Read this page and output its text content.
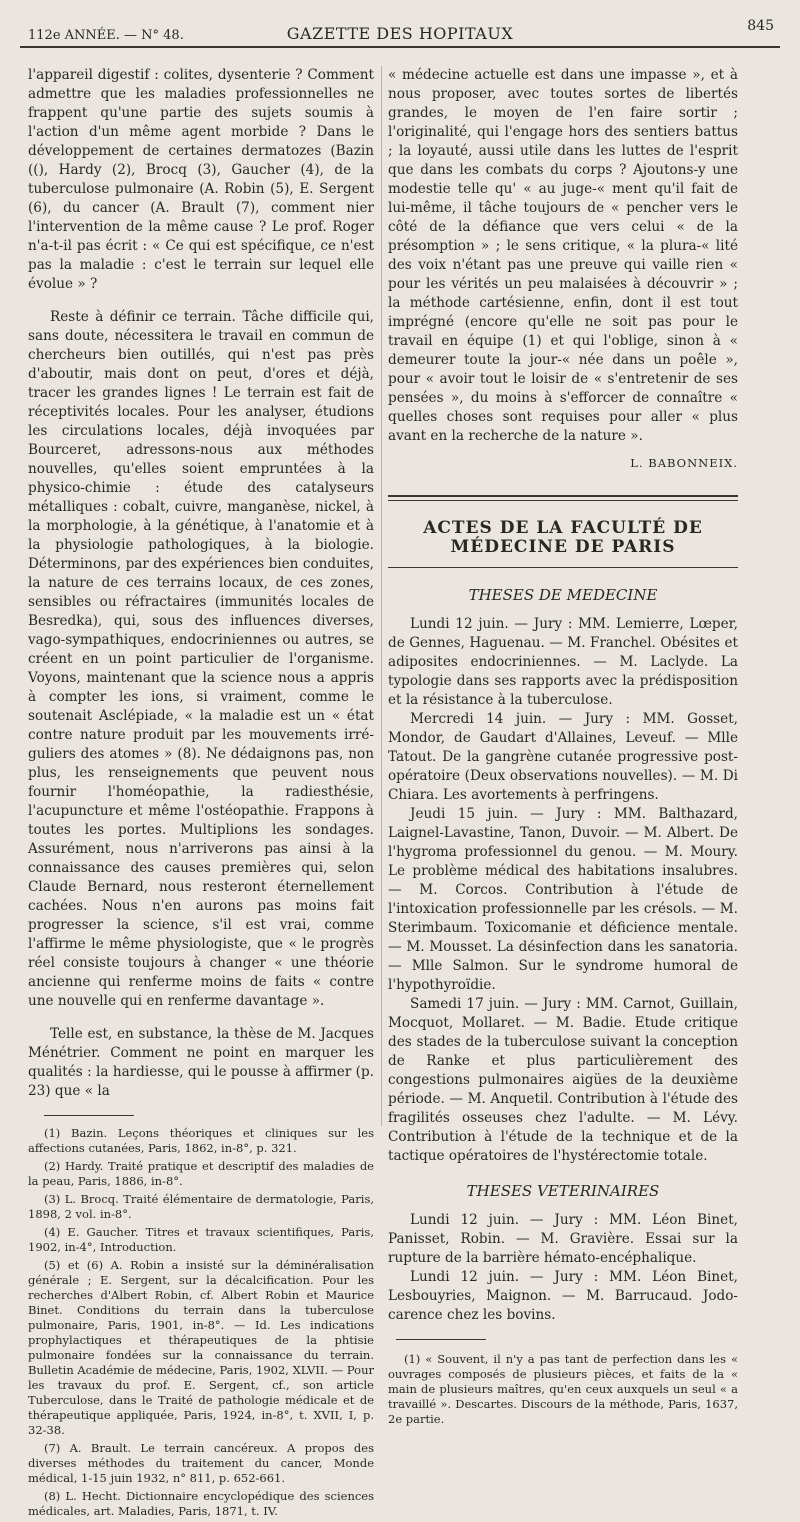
112e ANNÉE. — N° 48.	GAZETTE DES HOPITAUX	845

l'appareil digestif : colites, dysenterie ? Comment admettre que les maladies professionnelles ne frappent qu'une partie des sujets soumis à l'action d'un même agent morbide ? Dans le développement de certaines dermatozes (Bazin ((), Hardy (2), Brocq (3), Gaucher (4), de la tuberculose pulmonaire (A. Robin (5), E. Sergent (6), du cancer (A. Brault (7), comment nier l'intervention de la même cause ? Le prof. Roger n'a-t-il pas écrit : « Ce qui est spécifique, ce n'est pas la maladie : c'est le terrain sur lequel elle évolue » ?

Reste à définir ce terrain. Tâche difficile qui, sans doute, nécessitera le travail en commun de chercheurs bien outillés, qui n'est pas près d'aboutir, mais dont on peut, d'ores et déjà, tracer les grandes lignes ! Le terrain est fait de réceptivités locales. Pour les analyser, étudions les circulations locales, déjà invoquées par Bourceret, adressons-nous aux méthodes nouvelles, qu'elles soient empruntées à la physico-chimie : étude des catalyseurs métalliques : cobalt, cuivre, manganèse, nickel, à la morphologie, à la génétique, à l'anatomie et à la physiologie pathologiques, à la biologie. Déterminons, par des expériences bien conduites, la nature de ces terrains locaux, de ces zones, sensibles ou réfractaires (immunités locales de Besredka), qui, sous des influences diverses, vago-sympathiques, endocriniennes ou autres, se créent en un point particulier de l'organisme. Voyons, maintenant que la science nous a appris à compter les ions, si vraiment, comme le soutenait Asclépiade, « la maladie est un « état contre nature produit par les mouvements irré-guliers des atomes » (8). Ne dédaignons pas, non plus, les renseignements que peuvent nous fournir l'homéopathie, la radiesthésie, l'acupuncture et même l'ostéopathie. Frappons à toutes les portes. Multiplions les sondages. Assurément, nous n'arriverons pas ainsi à la connaissance des causes premières qui, selon Claude Bernard, nous resteront éternellement cachées. Nous n'en aurons pas moins fait progresser la science, s'il est vrai, comme l'affirme le même physiologiste, que « le progrès réel consiste toujours à changer « une théorie ancienne qui renferme moins de faits « contre une nouvelle qui en renferme davantage ».

Telle est, en substance, la thèse de M. Jacques Ménétrier. Comment ne point en marquer les qualités : la hardiesse, qui le pousse à affirmer (p. 23) que « la

(1) Bazin. Leçons théoriques et cliniques sur les affections cutanées, Paris, 1862, in-8°, p. 321.

(2) Hardy. Traité pratique et descriptif des maladies de la peau, Paris, 1886, in-8°.

(3) L. Brocq. Traité élémentaire de dermatologie, Paris, 1898, 2 vol. in-8°.

(4) E. Gaucher. Titres et travaux scientifiques, Paris, 1902, in-4°, Introduction.

(5) et (6) A. Robin a insisté sur la déminéralisation générale ; E. Sergent, sur la décalcification. Pour les recherches d'Albert Robin, cf. Albert Robin et Maurice Binet. Conditions du terrain dans la tuberculose pulmonaire, Paris, 1901, in-8°. — Id. Les indications prophylactiques et thérapeutiques de la phtisie pulmonaire fondées sur la connaissance du terrain. Bulletin Académie de médecine, Paris, 1902, XLVII. — Pour les travaux du prof. E. Sergent, cf., son article Tuberculose, dans le Traité de pathologie médicale et de thérapeutique appliquée, Paris, 1924, in-8°, t. XVII, I, p. 32-38.

(7) A. Brault. Le terrain cancéreux. A propos des diverses méthodes du traitement du cancer, Monde médical, 1-15 juin 1932, n° 811, p. 652-661.

(8) L. Hecht. Dictionnaire encyclopédique des sciences médicales, art. Maladies, Paris, 1871, t. IV.

« médecine actuelle est dans une impasse », et à nous proposer, avec toutes sortes de libertés grandes, le moyen de l'en faire sortir ; l'originalité, qui l'engage hors des sentiers battus ; la loyauté, aussi utile dans les luttes de l'esprit que dans les combats du corps ? Ajoutons-y une modestie telle qu' « au juge-« ment qu'il fait de lui-même, il tâche toujours de « pencher vers le côté de la défiance que vers celui « de la présomption » ; le sens critique, « la plura-« lité des voix n'étant pas une preuve qui vaille rien « pour les vérités un peu malaisées à découvrir » ; la méthode cartésienne, enfin, dont il est tout imprégné (encore qu'elle ne soit pas pour le travail en équipe (1) et qui l'oblige, sinon à « demeurer toute la jour-« née dans un poêle », pour « avoir tout le loisir de « s'entretenir de ses pensées », du moins à s'efforcer de connaître « quelles choses sont requises pour aller « plus avant en la recherche de la nature ».

L. BABONNEIX.
ACTES DE LA FACULTÉ DE MÉDECINE DE PARIS
THESES DE MEDECINE

Lundi 12 juin. — Jury : MM. Lemierre, Lœper, de Gennes, Haguenau. — M. Franchel. Obésites et adiposites endocriniennes. — M. Laclyde. La typologie dans ses rapports avec la prédisposition et la résistance à la tuberculose.

Mercredi 14 juin. — Jury : MM. Gosset, Mondor, de Gaudart d'Allaines, Leveuf. — Mlle Tatout. De la gangrène cutanée progressive post-opératoire (Deux observations nouvelles). — M. Di Chiara. Les avortements à perfringens.

Jeudi 15 juin. — Jury : MM. Balthazard, Laignel-Lavastine, Tanon, Duvoir. — M. Albert. De l'hygroma professionnel du genou. — M. Moury. Le problème médical des habitations insalubres. — M. Corcos. Contribution à l'étude de l'intoxication professionnelle par les crésols. — M. Sterimbaum. Toxicomanie et déficience mentale. — M. Mousset. La désinfection dans les sanatoria. — Mlle Salmon. Sur le syndrome humoral de l'hypothyroïdie.

Samedi 17 juin. — Jury : MM. Carnot, Guillain, Mocquot, Mollaret. — M. Badie. Etude critique des stades de la tuberculose suivant la conception de Ranke et plus particulièrement des congestions pulmonaires aigües de la deuxième période. — M. Anquetil. Contribution à l'étude des fragilités osseuses chez l'adulte. — M. Lévy. Contribution à l'étude de la technique et de la tactique opératoires de l'hystérectomie totale.

THESES VETERINAIRES

Lundi 12 juin. — Jury : MM. Léon Binet, Panisset, Robin. — M. Gravière. Essai sur la rupture de la barrière hémato-encéphalique.

Lundi 12 juin. — Jury : MM. Léon Binet, Lesbouyries, Maignon. — M. Barrucaud. Jodo-carence chez les bovins.

(1) « Souvent, il n'y a pas tant de perfection dans les « ouvrages composés de plusieurs pièces, et faits de la « main de plusieurs maîtres, qu'en ceux auxquels un seul « a travaillé ». Descartes. Discours de la méthode, Paris, 1637, 2e partie.
